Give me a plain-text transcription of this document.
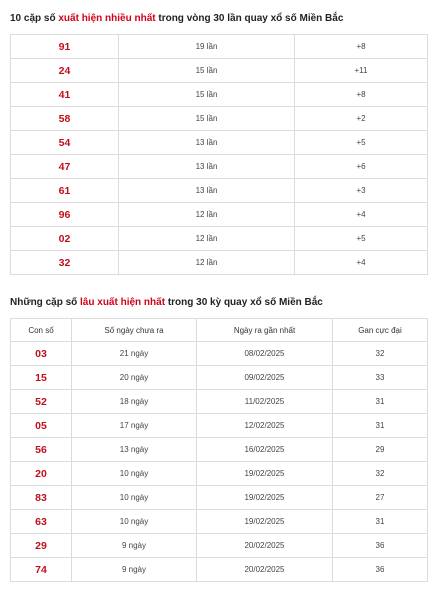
10 cặp số xuất hiện nhiều nhất trong vòng 30 lần quay xổ số Miền Bắc
91	19 lần	+8
24	15 lần	+11
41	15 lần	+8
58	15 lần	+2
54	13 lần	+5
47	13 lần	+6
61	13 lần	+3
96	12 lần	+4
02	12 lần	+5
32	12 lần	+4
Những cặp số lâu xuất hiện nhất trong 30 kỳ quay xổ số Miền Bắc
Con số	Số ngày chưa ra	Ngày ra gần nhất	Gan cực đại
03	21 ngày	08/02/2025	32
15	20 ngày	09/02/2025	33
52	18 ngày	11/02/2025	31
05	17 ngày	12/02/2025	31
56	13 ngày	16/02/2025	29
20	10 ngày	19/02/2025	32
83	10 ngày	19/02/2025	27
63	10 ngày	19/02/2025	31
29	9 ngày	20/02/2025	36
74	9 ngày	20/02/2025	36
